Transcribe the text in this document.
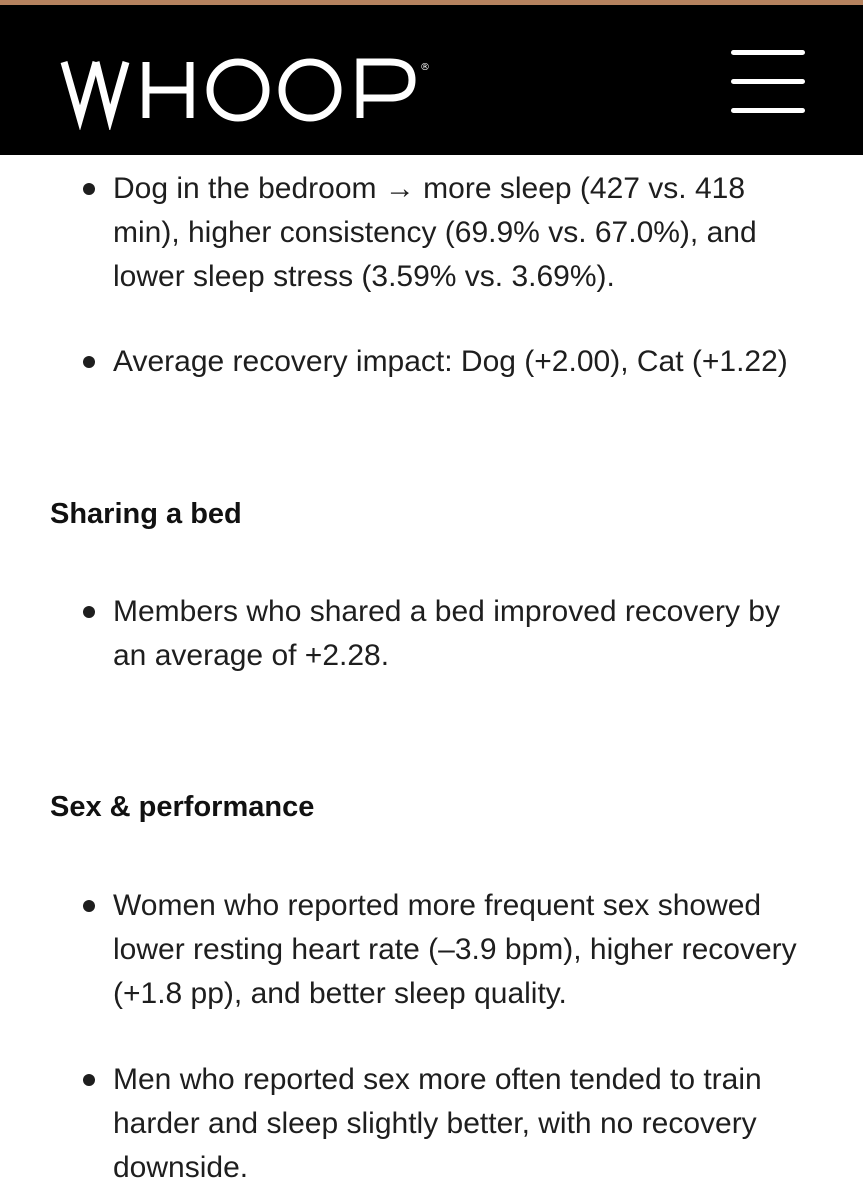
®
Dog in the bedroom → more sleep (427 vs. 418 min), higher consistency (69.9% vs. 67.0%), and lower sleep stress (3.59% vs. 3.69%).
Average recovery impact: Dog (+2.00), Cat (+1.22)
Sharing a bed
Members who shared a bed improved recovery by an average of +2.28.
Sex & performance
Women who reported more frequent sex showed lower resting heart rate (–3.9 bpm), higher recovery (+1.8 pp), and better sleep quality.
Men who reported sex more often tended to train harder and sleep slightly better, with no recovery downside.
